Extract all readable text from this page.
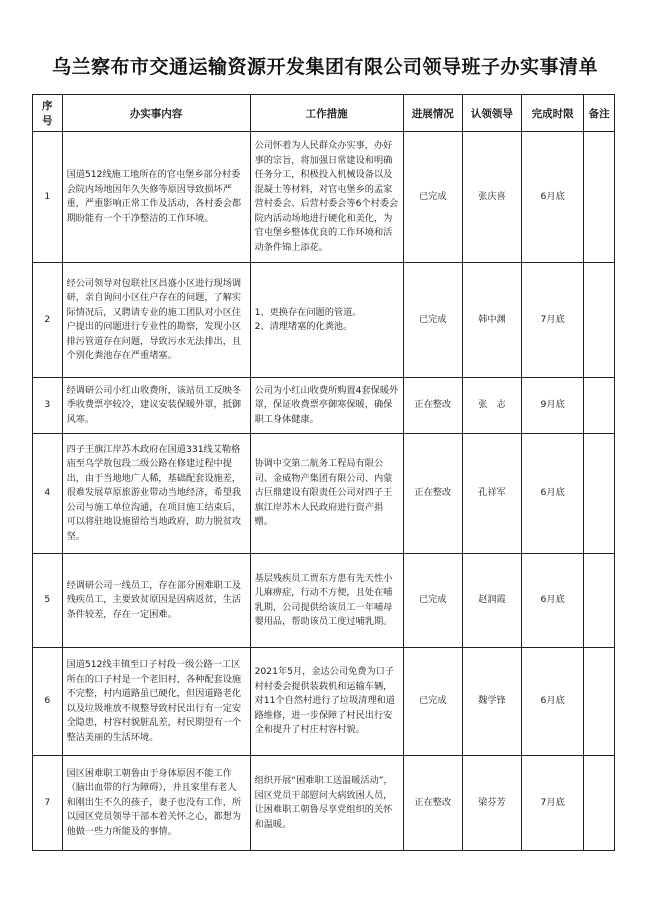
乌兰察布市交通运输资源开发集团有限公司领导班子办实事清单
序号	办实事内容	工作措施	进展情况	认领领导	完成时限	备注
1	国道512线施工地所在的官屯堡乡部分村委会院内场地因年久失修等原因导致损坏严重，严重影响正常工作及活动，各村委会都期盼能有一个干净整洁的工作环境。	公司怀着为人民群众办实事，办好事的宗旨，将加强日常建设和明确任务分工，积极投入机械设备以及混凝土等材料，对官屯堡乡的孟家营村委会、后营村委会等6个村委会院内活动场地进行硬化和美化，为官屯堡乡整体优良的工作环境和活动条件锦上添花。	已完成	张庆喜	6月底	
2	经公司领导对包联社区昌盛小区进行现场调研，亲自询问小区住户存在的问题，了解实际情况后，又聘请专业的施工团队对小区住户提出的问题进行专业性的勘察，发现小区排污管道存在问题，导致污水无法排出，且个别化粪池存在严重堵塞。	1、更换存在问题的管道。
2、清理堵塞的化粪池。	已完成	韩中渊	7月底	
3	经调研公司小红山收费所，该站员工反映冬季收费票亭较冷，建议安装保暖外罩，抵御风寒。	公司为小红山收费所购置4套保暖外罩，保证收费票亭御寒保暖，确保职工身体健康。	正在整改	张　志	9月底	
4	四子王旗江岸苏木政府在国道331线艾勒格庙至乌学敖包段二级公路在修建过程中提出，由于当地地广人稀，基础配套设施差，很难发展草原旅游业带动当地经济，希望我公司与施工单位沟通，在项目施工结束后，可以将驻地设施留给当地政府，助力脱贫攻坚。	协调中交第二航务工程局有限公司、金威物产集团有限公司、内蒙古巨鼎建设有限责任公司对四子王旗江岸苏木人民政府进行资产捐赠。	正在整改	孔祥军	6月底	
5	经调研公司一线员工，存在部分困难职工及残疾员工，主要致贫原因是因病返贫，生活条件较差，存在一定困难。	基层残疾员工贾东方患有先天性小儿麻痹症，行动不方便，且处在哺乳期，公司提供给该员工一年哺母婴用品，帮助该员工度过哺乳期。	已完成	赵润霞	6月底	
6	国道512线丰镇至口子村段一级公路一工区所在的口子村是一个老旧村，各种配套设施不完整，村内道路虽已硬化，但因道路老化以及垃圾堆放不规整导致村民出行有一定安全隐患，村容村貌脏乱差，村民期望有一个整洁美丽的生活环境。	2021年5月，金达公司免费为口子村村委会提供装载机和运输车辆，对11个自然村进行了垃圾清理和道路维修，进一步保障了村民出行安全和提升了村庄村容村貌。	已完成	魏学锋	6月底	
7	园区困难职工朝鲁由于身体原因不能工作（脑出血带的行为障碍），并且家里有老人和刚出生不久的孩子，妻子也没有工作，所以园区党员领导干部本着关怀之心，都想为他做一些力所能及的事情。	组织开展“困难职工送温暖活动”，园区党员干部慰问大病致困人员，让困难职工朝鲁尽享党组织的关怀和温暖。	正在整改	梁芬芳	7月底	
